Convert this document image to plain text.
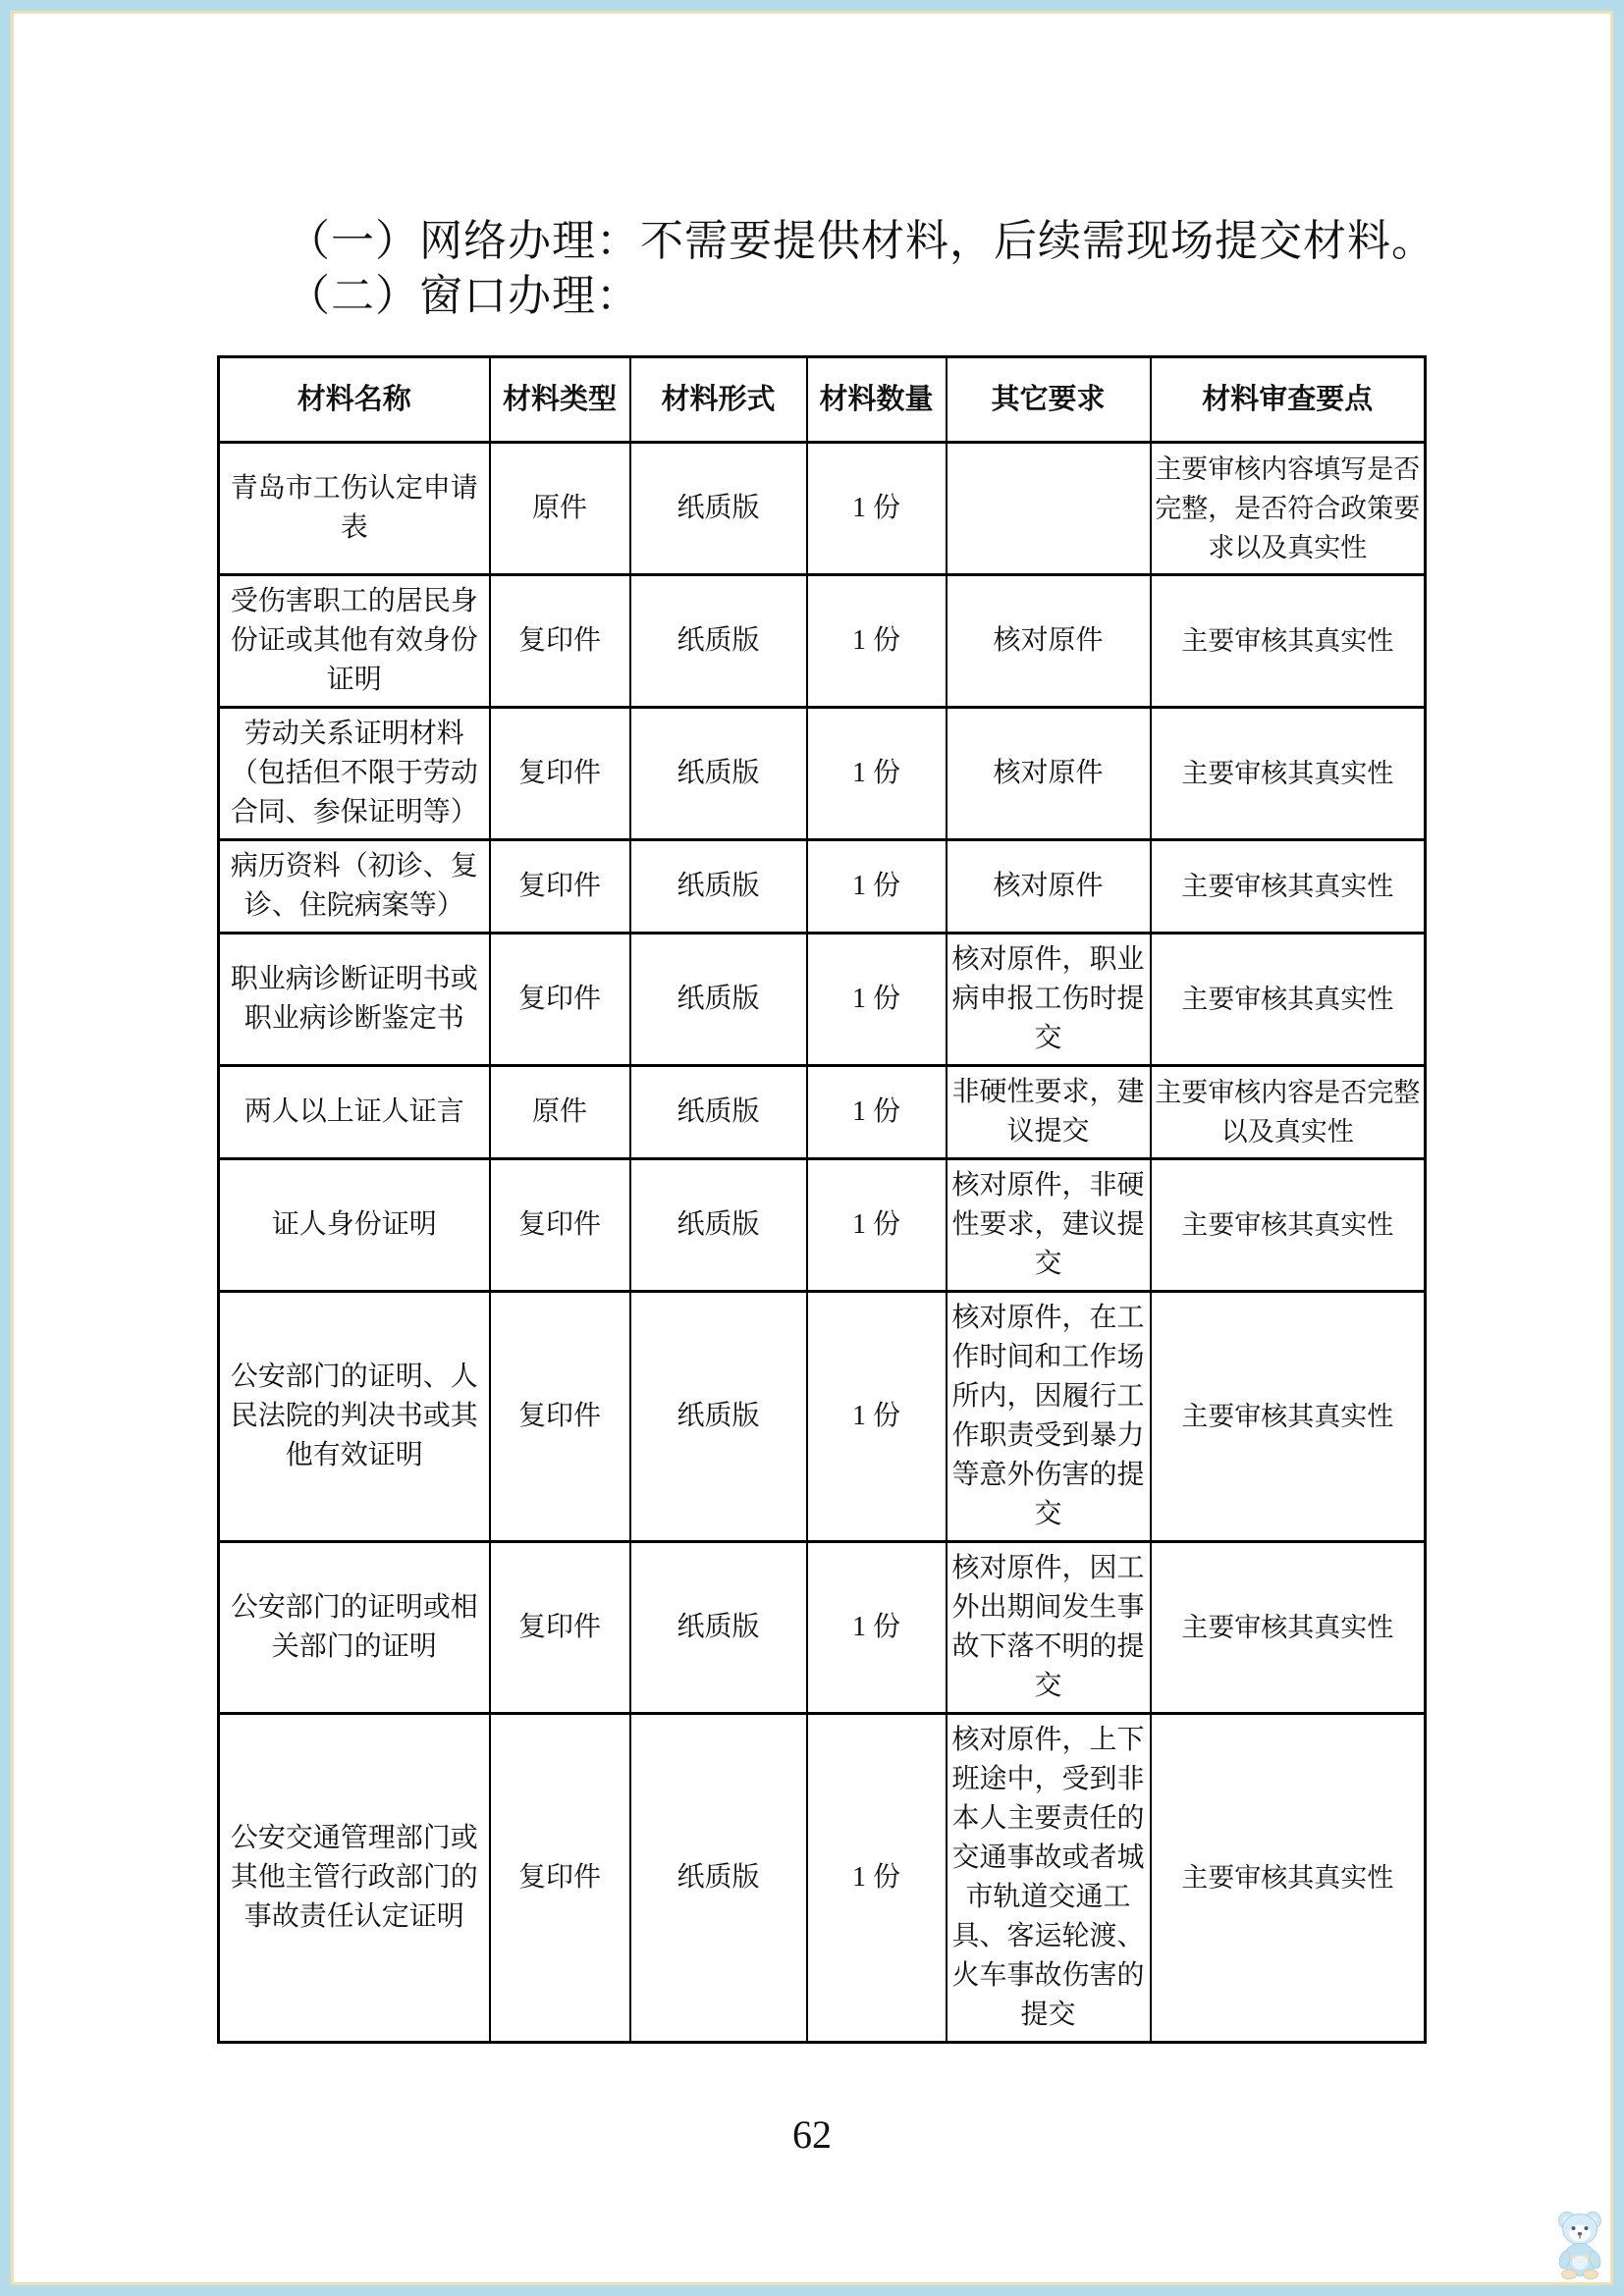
（一）网络办理：不需要提供材料，后续需现场提交材料。

（二）窗口办理：

材料名称	材料类型	材料形式	材料数量	其它要求	材料审查要点
青岛市工伤认定申请表	原件	纸质版	1 份		主要审核内容填写是否完整，是否符合政策要求以及真实性
受伤害职工的居民身份证或其他有效身份证明	复印件	纸质版	1 份	核对原件	主要审核其真实性
劳动关系证明材料（包括但不限于劳动合同、参保证明等）	复印件	纸质版	1 份	核对原件	主要审核其真实性
病历资料（初诊、复诊、住院病案等）	复印件	纸质版	1 份	核对原件	主要审核其真实性
职业病诊断证明书或职业病诊断鉴定书	复印件	纸质版	1 份	核对原件，职业病申报工伤时提交	主要审核其真实性
两人以上证人证言	原件	纸质版	1 份	非硬性要求，建议提交	主要审核内容是否完整以及真实性
证人身份证明	复印件	纸质版	1 份	核对原件，非硬性要求，建议提交	主要审核其真实性
公安部门的证明、人民法院的判决书或其他有效证明	复印件	纸质版	1 份	核对原件，在工作时间和工作场所内，因履行工作职责受到暴力等意外伤害的提交	主要审核其真实性
公安部门的证明或相关部门的证明	复印件	纸质版	1 份	核对原件，因工外出期间发生事故下落不明的提交	主要审核其真实性
公安交通管理部门或其他主管行政部门的事故责任认定证明	复印件	纸质版	1 份	核对原件，上下班途中，受到非本人主要责任的交通事故或者城市轨道交通工具、客运轮渡、火车事故伤害的提交	主要审核其真实性
62
